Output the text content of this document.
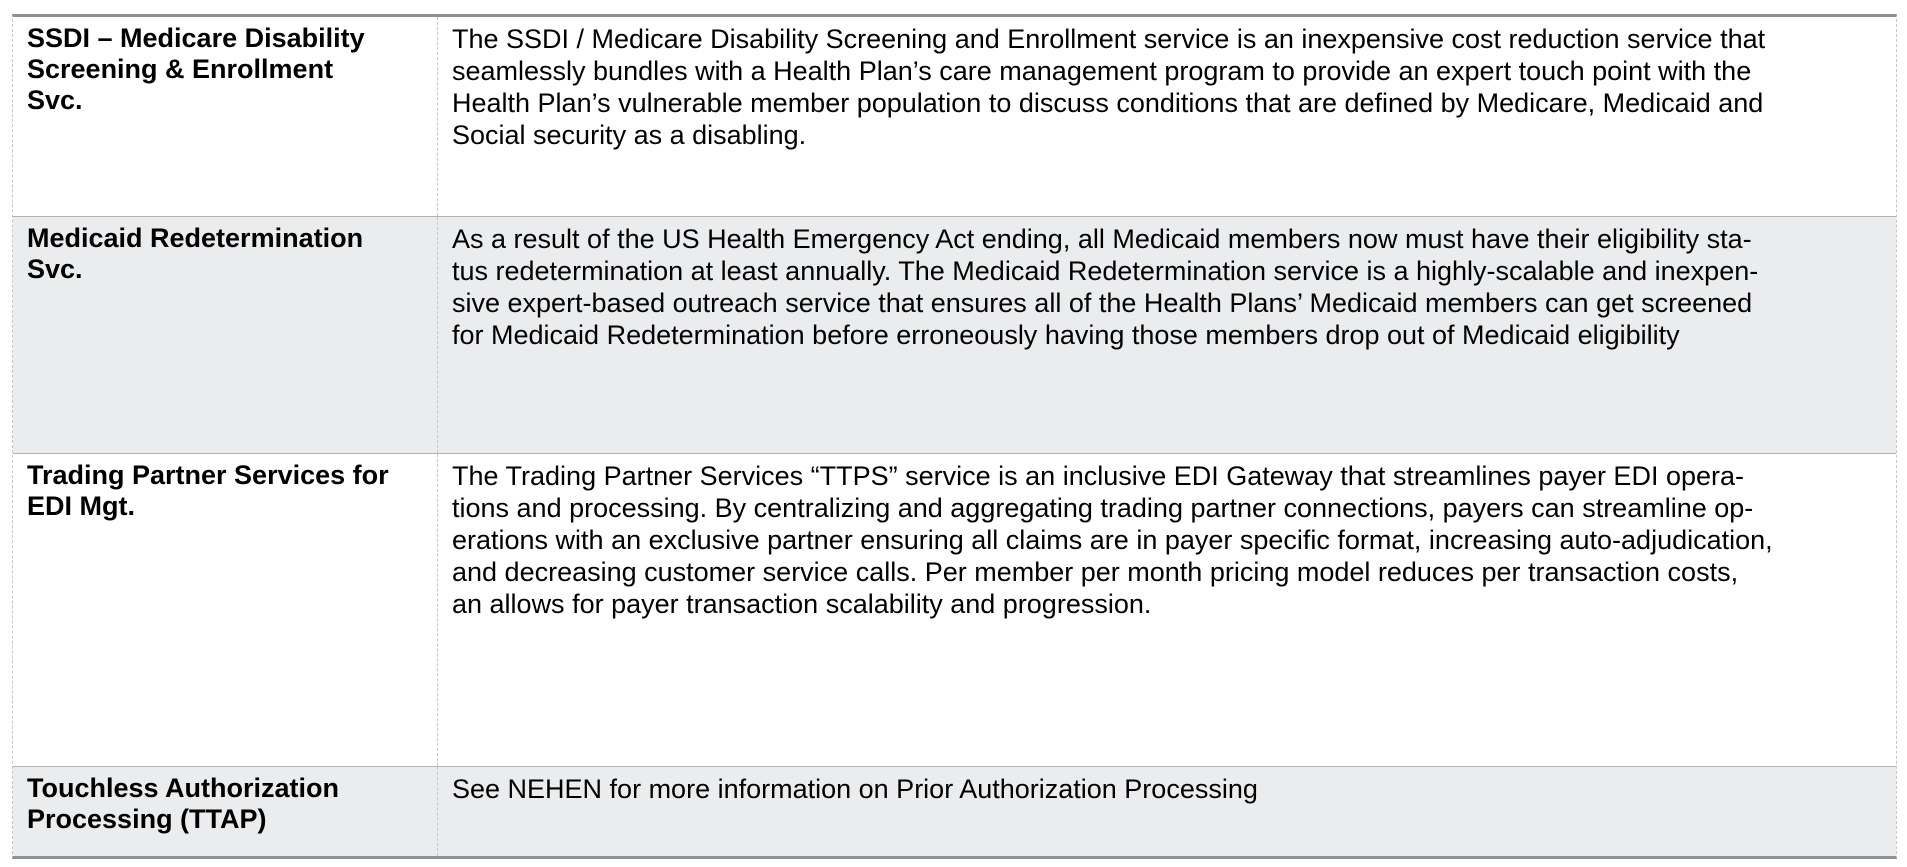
SSDI – Medicare Disability
Screening & Enrollment
Svc.
The SSDI / Medicare Disability Screening and Enrollment service is an inexpensive cost reduction service that
seamlessly bundles with a Health Plan’s care management program to provide an expert touch point with the
Health Plan’s vulnerable member population to discuss conditions that are defined by Medicare, Medicaid and
Social security as a disabling.
Medicaid Redetermination
Svc.
As a result of the US Health Emergency Act ending, all Medicaid members now must have their eligibility sta-
tus redetermination at least annually. The Medicaid Redetermination service is a highly-scalable and inexpen-
sive expert-based outreach service that ensures all of the Health Plans’ Medicaid members can get screened
for Medicaid Redetermination before erroneously having those members drop out of Medicaid eligibility
Trading Partner Services for
EDI Mgt.
The Trading Partner Services “TTPS” service is an inclusive EDI Gateway that streamlines payer EDI opera-
tions and processing. By centralizing and aggregating trading partner connections, payers can streamline op-
erations with an exclusive partner ensuring all claims are in payer specific format, increasing auto-adjudication,
and decreasing customer service calls. Per member per month pricing model reduces per transaction costs,
an allows for payer transaction scalability and progression.
Touchless Authorization
Processing (TTAP)
See NEHEN for more information on Prior Authorization Processing
